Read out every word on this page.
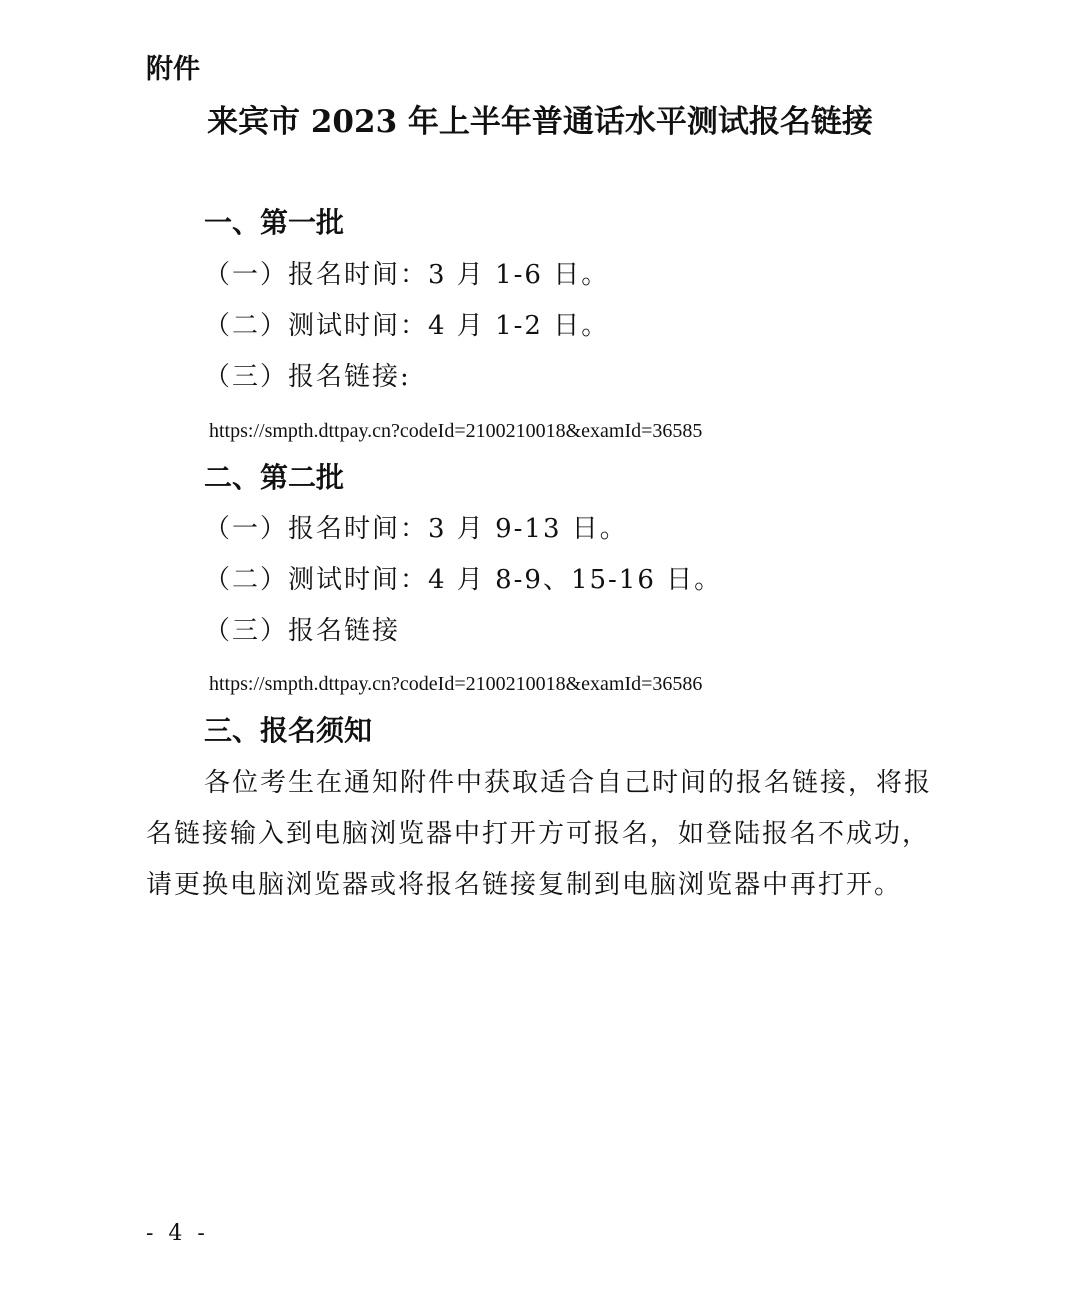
附件
来宾市 2023 年上半年普通话水平测试报名链接
一、第一批
（一）报名时间：3 月 1-6 日。
（二）测试时间：4 月 1-2 日。
（三）报名链接:
https://smpth.dttpay.cn?codeId=2100210018&examId=36585
二、第二批
（一）报名时间：3 月 9-13 日。
（二）测试时间：4 月 8-9、15-16 日。
（三）报名链接
https://smpth.dttpay.cn?codeId=2100210018&examId=36586
三、报名须知
各位考生在通知附件中获取适合自己时间的报名链接，将报
名链接输入到电脑浏览器中打开方可报名，如登陆报名不成功，
请更换电脑浏览器或将报名链接复制到电脑浏览器中再打开。
- 4 -
